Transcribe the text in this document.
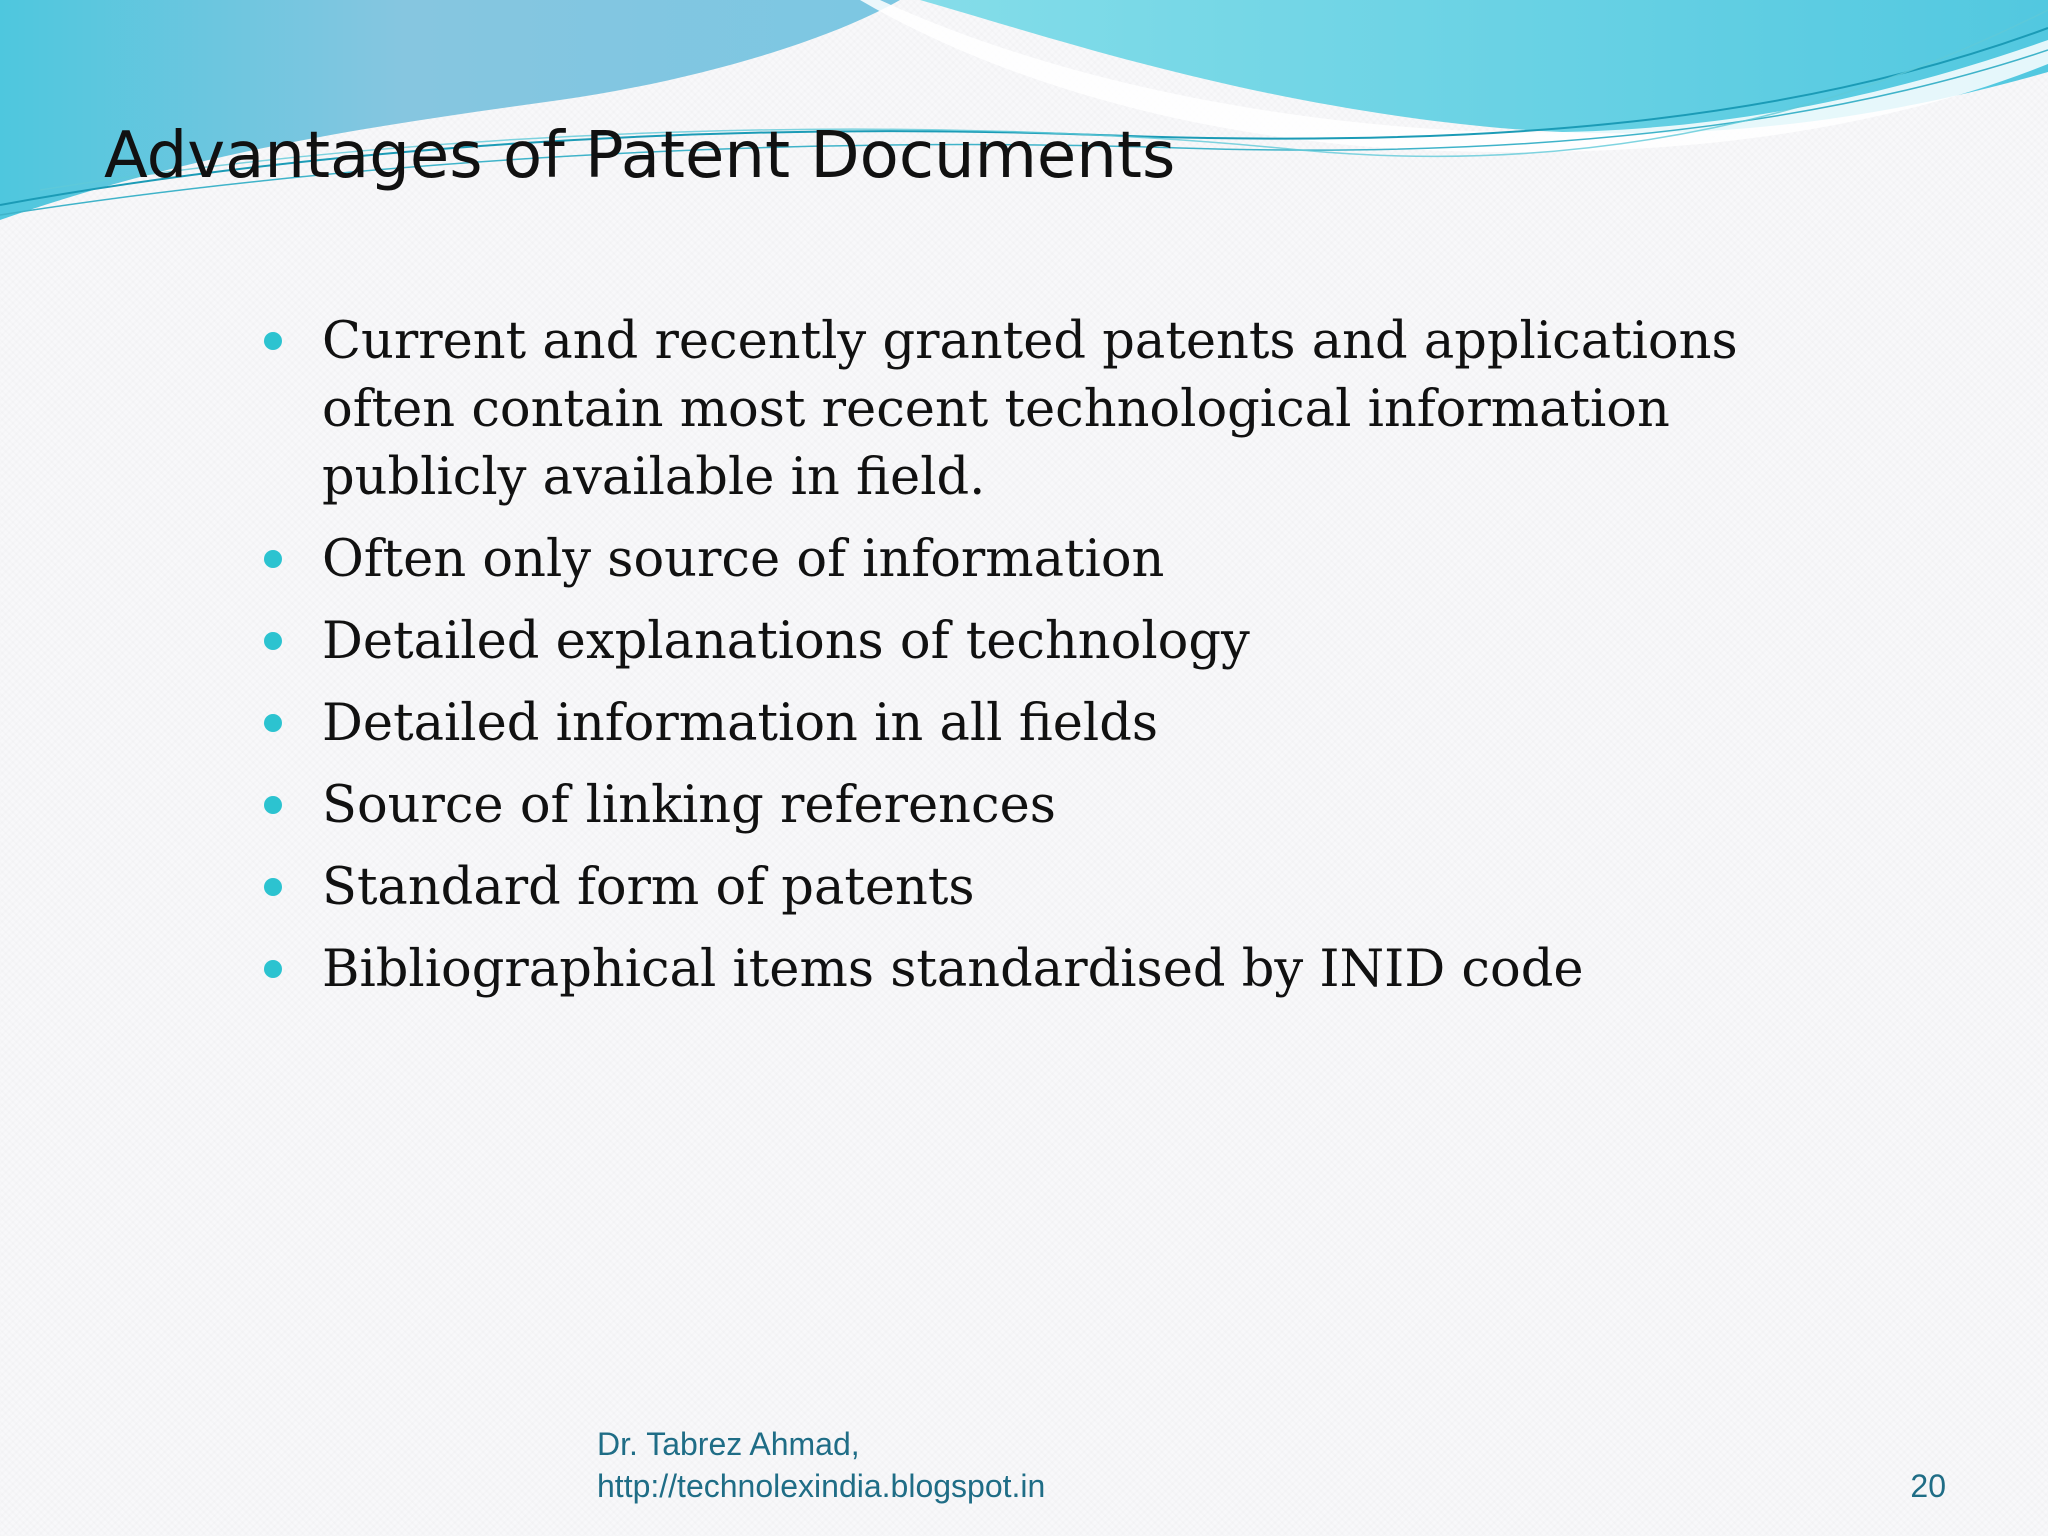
Advantages of Patent Documents
Current and recently granted patents and applications often contain most recent technological information publicly available in field.
Often only source of information
Detailed explanations of technology
Detailed information in all fields
Source of linking references
Standard form of patents
Bibliographical items standardised by INID code
Dr. Tabrez Ahmad,
http://technolexindia.blogspot.in	20
